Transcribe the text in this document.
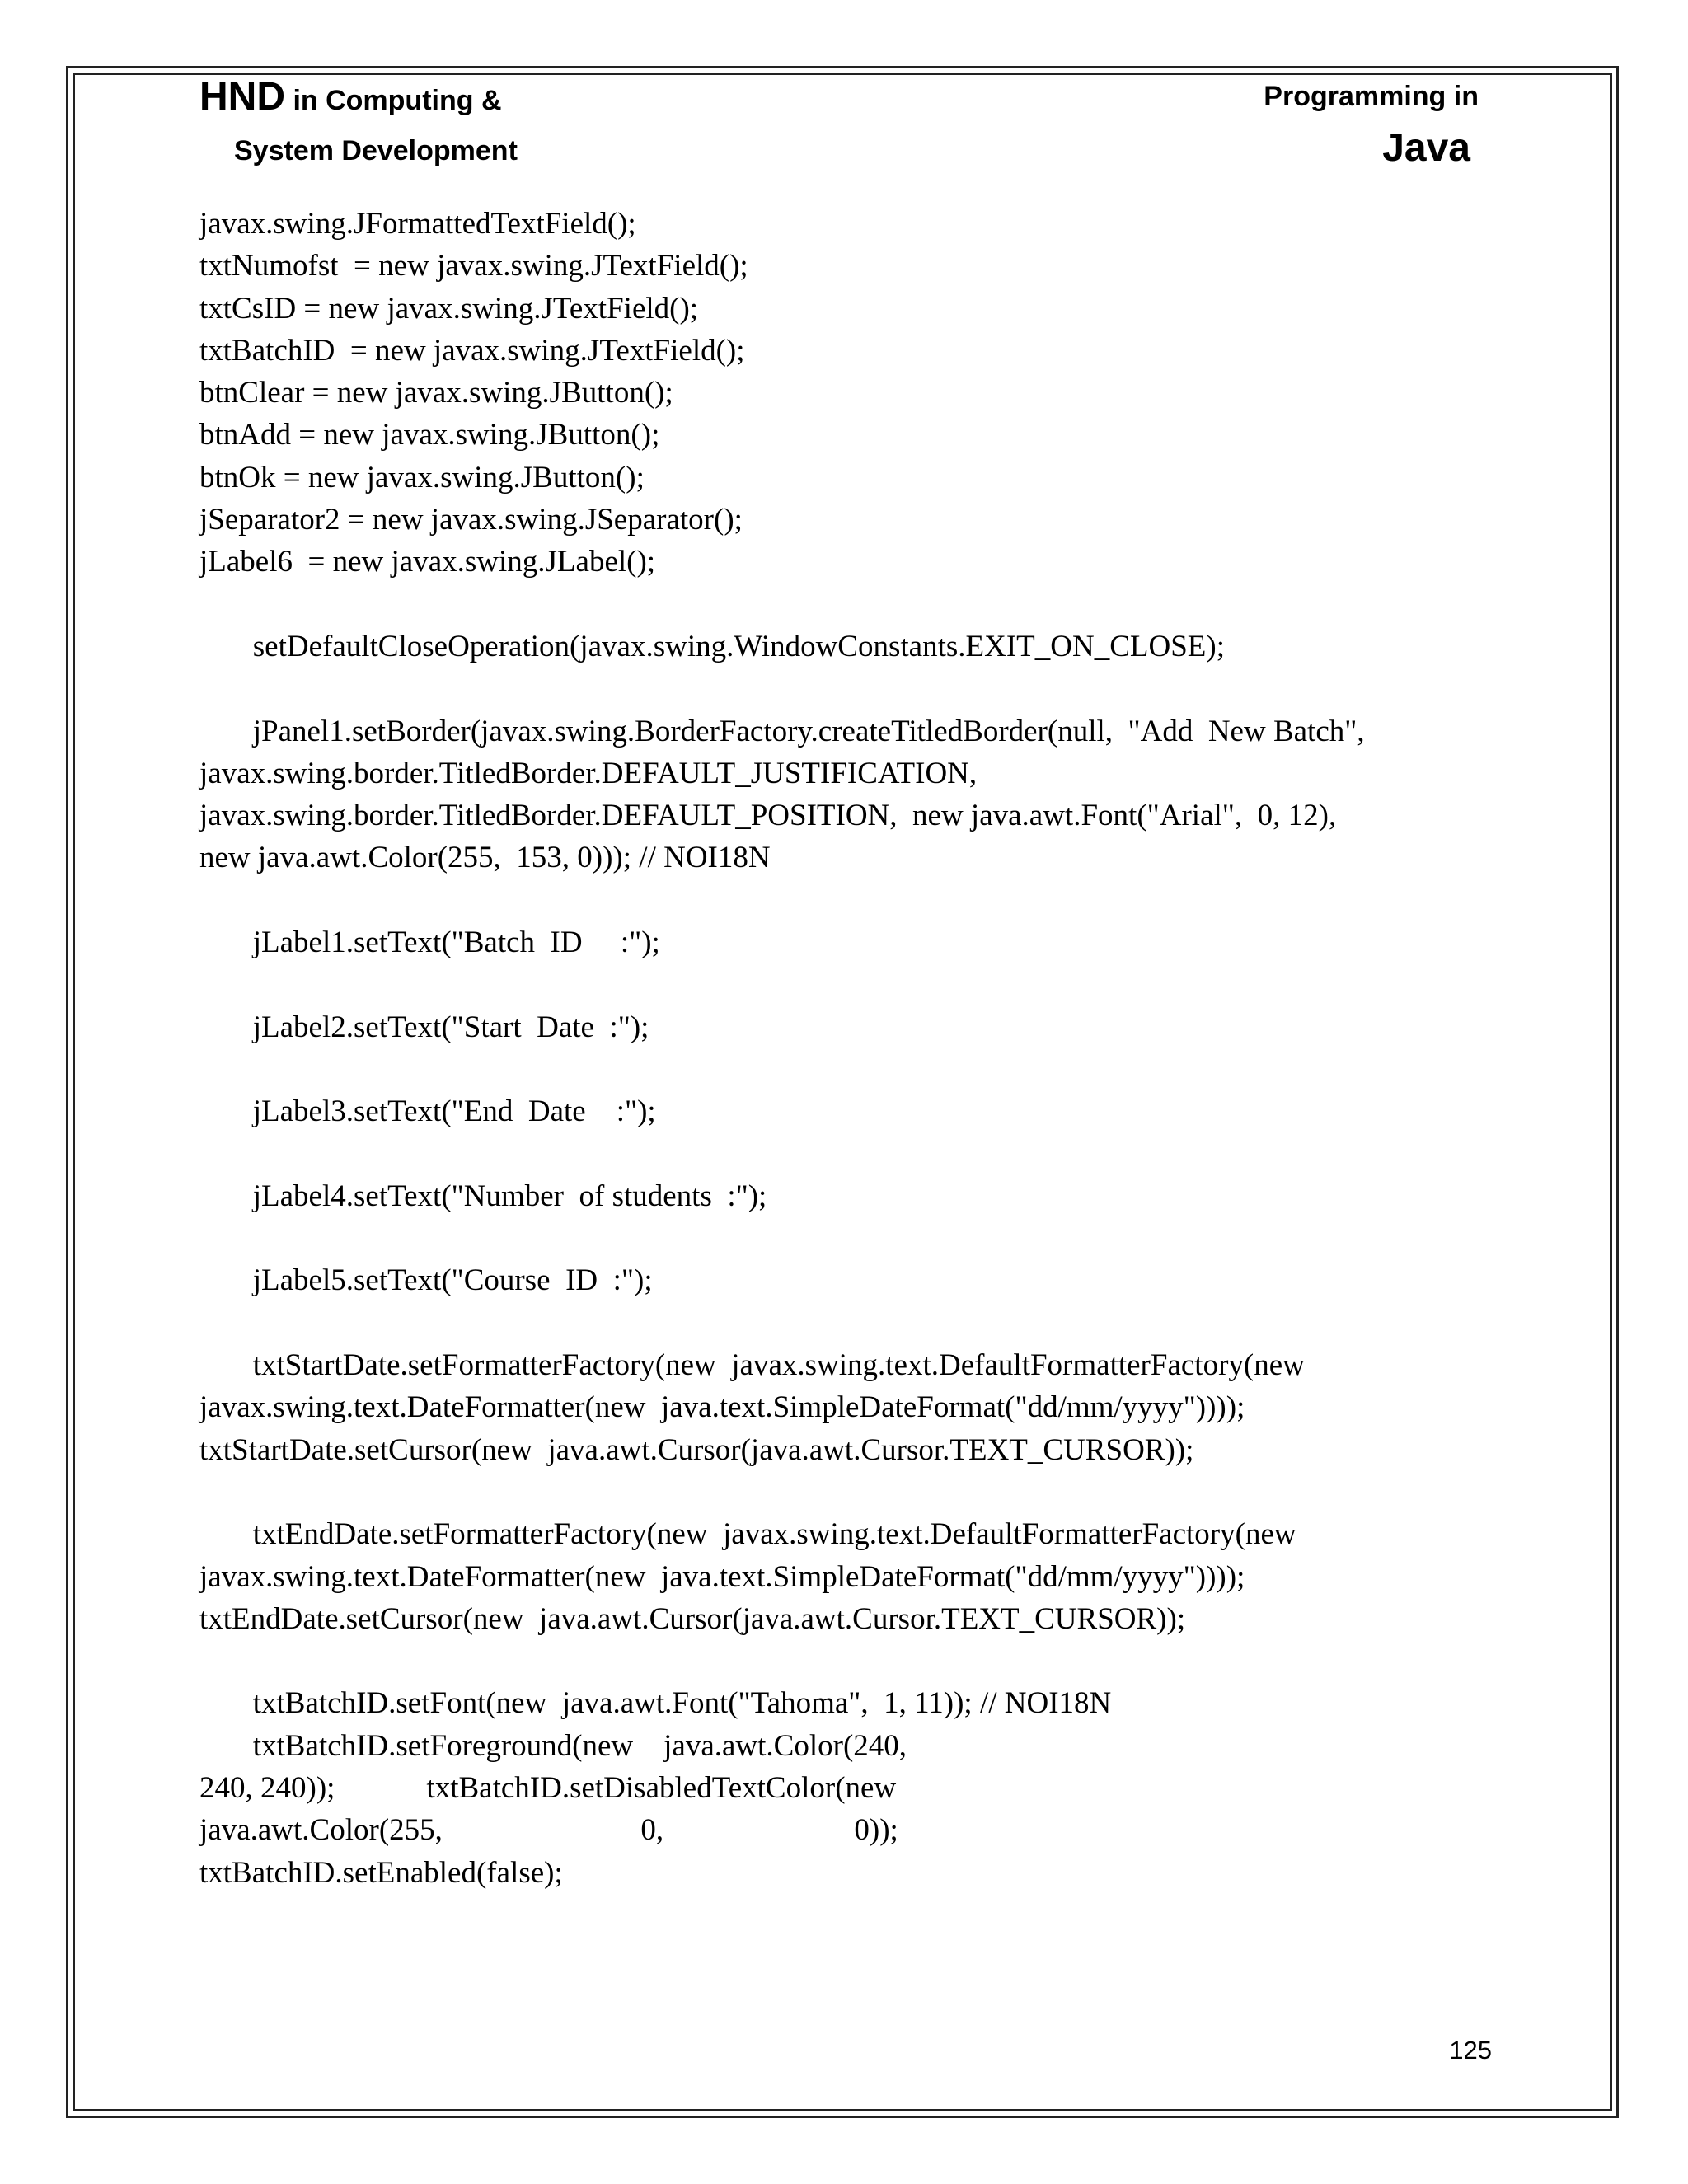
HND in Computing &
System Development
Programming in
Java
javax.swing.JFormattedTextField();
txtNumofst  = new javax.swing.JTextField();
txtCsID = new javax.swing.JTextField();
txtBatchID  = new javax.swing.JTextField();
btnClear = new javax.swing.JButton();
btnAdd = new javax.swing.JButton();
btnOk = new javax.swing.JButton();
jSeparator2 = new javax.swing.JSeparator();
jLabel6  = new javax.swing.JLabel();
setDefaultCloseOperation(javax.swing.WindowConstants.EXIT_ON_CLOSE);
jPanel1.setBorder(javax.swing.BorderFactory.createTitledBorder(null,  "Add  New Batch",
javax.swing.border.TitledBorder.DEFAULT_JUSTIFICATION,
javax.swing.border.TitledBorder.DEFAULT_POSITION,  new java.awt.Font("Arial",  0, 12),
new java.awt.Color(255,  153, 0))); // NOI18N
jLabel1.setText("Batch  ID     :");
jLabel2.setText("Start  Date  :");
jLabel3.setText("End  Date    :");
jLabel4.setText("Number  of students  :");
jLabel5.setText("Course  ID  :");
txtStartDate.setFormatterFactory(new  javax.swing.text.DefaultFormatterFactory(new
javax.swing.text.DateFormatter(new  java.text.SimpleDateFormat("dd/mm/yyyy"))));
txtStartDate.setCursor(new  java.awt.Cursor(java.awt.Cursor.TEXT_CURSOR));
txtEndDate.setFormatterFactory(new  javax.swing.text.DefaultFormatterFactory(new
javax.swing.text.DateFormatter(new  java.text.SimpleDateFormat("dd/mm/yyyy"))));
txtEndDate.setCursor(new  java.awt.Cursor(java.awt.Cursor.TEXT_CURSOR));
txtBatchID.setFont(new  java.awt.Font("Tahoma",  1, 11)); // NOI18N
txtBatchID.setForeground(new    java.awt.Color(240,
240, 240));            txtBatchID.setDisabledTextColor(new
java.awt.Color(255,                          0,                         0));
txtBatchID.setEnabled(false);
125
